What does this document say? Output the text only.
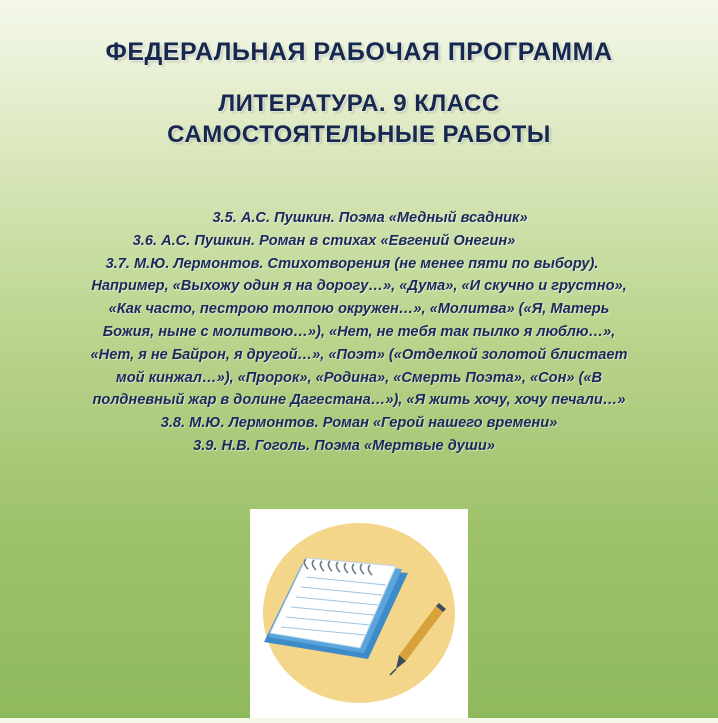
ФЕДЕРАЛЬНАЯ РАБОЧАЯ ПРОГРАММА
ЛИТЕРАТУРА. 9 КЛАСС
САМОСТОЯТЕЛЬНЫЕ РАБОТЫ
3.5. А.С. Пушкин. Поэма «Медный всадник»
3.6. А.С. Пушкин. Роман в стихах «Евгений Онегин»
3.7. М.Ю. Лермонтов. Стихотворения (не менее пяти по выбору).
Например, «Выхожу один я на дорогу…», «Дума», «И скучно и грустно»,
«Как часто, пестрою толпою окружен…», «Молитва» («Я, Матерь
Божия, ныне с молитвою…»), «Нет, не тебя так пылко я люблю…»,
«Нет, я не Байрон, я другой…», «Поэт» («Отделкой золотой блистает
мой кинжал…»), «Пророк», «Родина», «Смерть Поэта», «Сон» («В
полдневный жар в долине Дагестана…»), «Я жить хочу, хочу печали…»
3.8. М.Ю. Лермонтов. Роман «Герой нашего времени»
3.9. Н.В. Гоголь. Поэма «Мертвые души»
